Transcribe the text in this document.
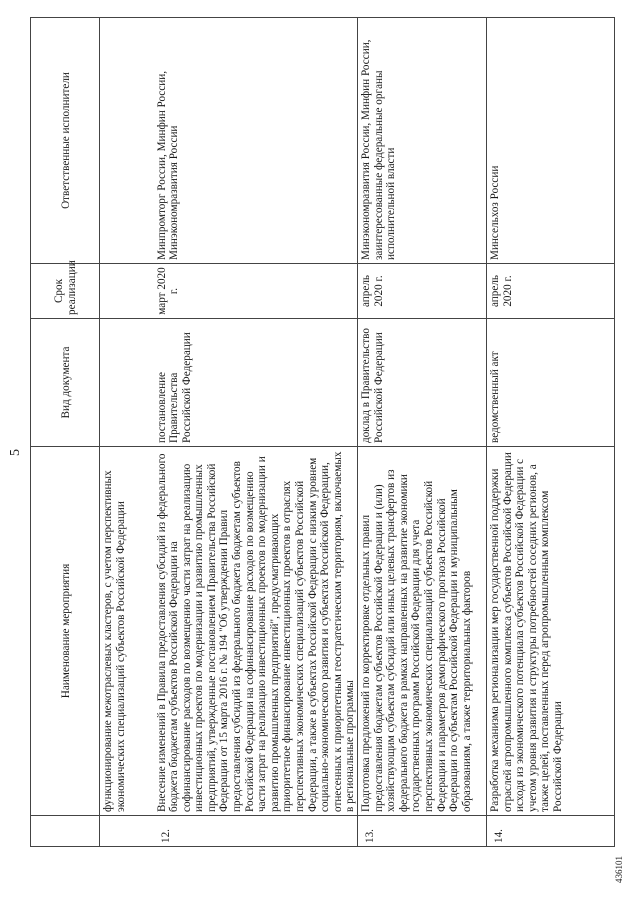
5
	Наименование мероприятия	Вид документа	Срок реализации	Ответственные исполнители
	функционирование межотраслевых кластеров, с учетом перспективных экономических специализаций субъектов Российской Федерации			
12.	Внесение изменений в Правила предоставления субсидий из федерального бюджета бюджетам субъектов Российской Федерации на софинансирование расходов по возмещению части затрат на реализацию инвестиционных проектов по модернизации и развитию промышленных предприятий, утвержденные постановлением Правительства Российской Федерации от 15 марта 2016 г. № 194 "Об утверждении Правил предоставления субсидий из федерального бюджета бюджетам субъектов Российской Федерации на софинансирование расходов по возмещению части затрат на реализацию инвестиционных проектов по модернизации и развитию промышленных предприятий", предусматривающих приоритетное финансирование инвестиционных проектов в отраслях перспективных экономических специализаций субъектов Российской Федерации, а также в субъектах Российской Федерации с низким уровнем социально-экономического развития и субъектах Российской Федерации, отнесенных к приоритетным геостратегическим территориям, включаемых в региональные программы	постановление Правительства Российской Федерации	март 2020 г.	Минпромторг России, Минфин России, Минэкономразвития России
13.	Подготовка предложений по корректировке отдельных правил предоставления бюджетам субъектов Российской Федерации и (или) хозяйствующим субъектам субсидий или иных целевых трансфертов из федерального бюджета в рамках направленных на развитие экономики государственных программ Российской Федерации для учета перспективных экономических специализаций субъектов Российской Федерации и параметров демографического прогноза Российской Федерации по субъектам Российской Федерации и муниципальным образованиям, а также территориальных факторов	доклад в Правительство Российской Федерации	апрель 2020 г.	Минэкономразвития России, Минфин России, заинтересованные федеральные органы исполнительной власти
14.	Разработка механизма регионализации мер государственной поддержки отраслей агропромышленного комплекса субъектов Российской Федерации исходя из экономического потенциала субъектов Российской Федерации с учетом уровня развития и структуры потребностей соседних регионов, а также целей, поставленных перед агропромышленным комплексом Российской Федерации	ведомственный акт	апрель 2020 г.	Минсельхоз России
436101
